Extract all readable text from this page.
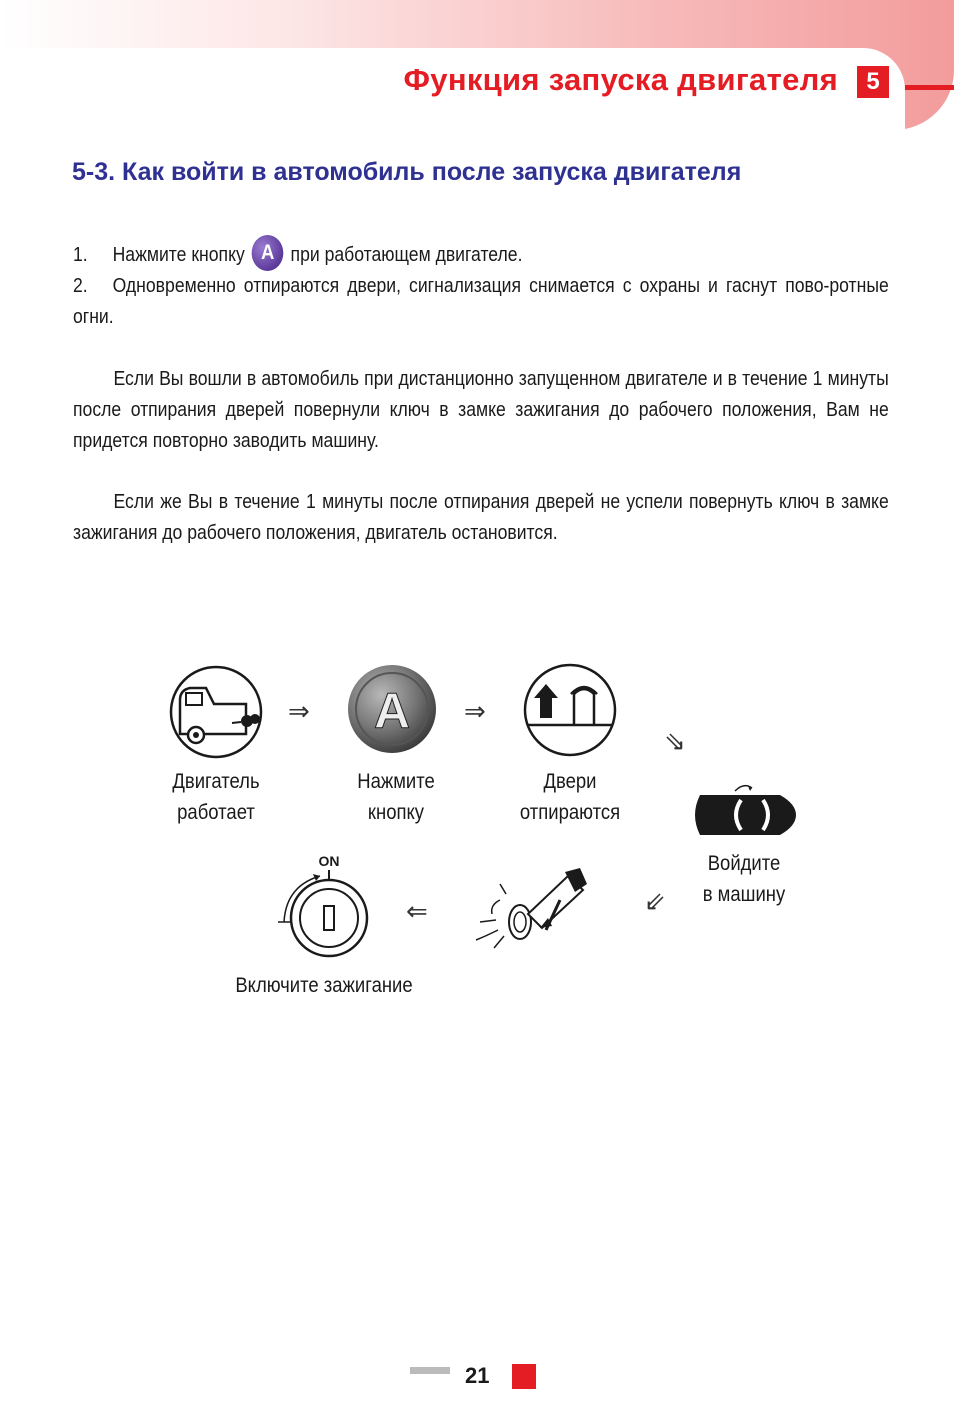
Функция запуска двигателя	5
5-3. Как войти в автомобиль после запуска двигателя
1. Нажмите кнопку A при работающем двигателе.
2. Одновременно отпираются двери, сигнализация снимается с охраны и гаснут пово-ротные огни.
Если Вы вошли в автомобиль при дистанционно запущенном двигателе и в течение 1 минуты после отпирания дверей повернули ключ в замке зажигания до рабочего положения, Вам не придется повторно заводить машину.
Если же Вы в течение 1 минуты после отпирания дверей не успели повернуть ключ в замке зажигания до рабочего положения, двигатель остановится.
A
ON
⇒	⇒
⇘
⇙
⇐
Двигатель
работает
Нажмите
кнопку
Двери
отпираются
Войдите
в машину
Включите зажигание
21
